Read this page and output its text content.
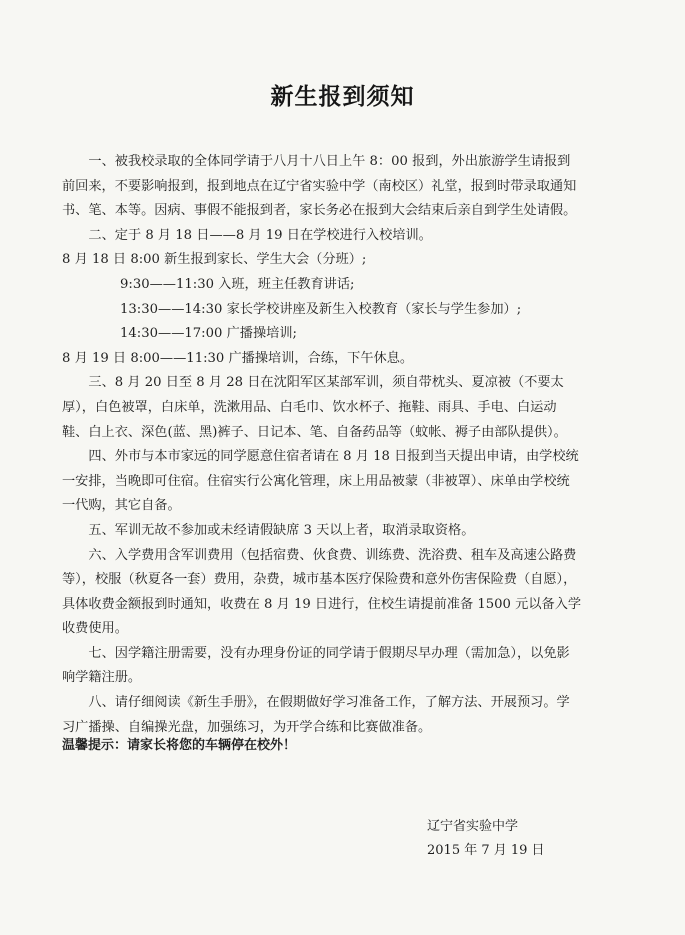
新生报到须知

一、被我校录取的全体同学请于八月十八日上午 8：00 报到，外出旅游学生请报到前回来，不要影响报到，报到地点在辽宁省实验中学（南校区）礼堂，报到时带录取通知书、笔、本等。因病、事假不能报到者，家长务必在报到大会结束后亲自到学生处请假。

二、定于 8 月 18 日——8 月 19 日在学校进行入校培训。

8 月 18 日 8:00 新生报到家长、学生大会（分班）;

9:30——11:30 入班，班主任教育讲话;

13:30——14:30 家长学校讲座及新生入校教育（家长与学生参加）;

14:30——17:00 广播操培训;

8 月 19 日 8:00——11:30 广播操培训，合练，下午休息。

三、8 月 20 日至 8 月 28 日在沈阳军区某部军训，须自带枕头、夏凉被（不要太厚），白色被罩，白床单，洗漱用品、白毛巾、饮水杯子、拖鞋、雨具、手电、白运动鞋、白上衣、深色(蓝、黑)裤子、日记本、笔、自备药品等（蚊帐、褥子由部队提供）。

四、外市与本市家远的同学愿意住宿者请在 8 月 18 日报到当天提出申请，由学校统一安排，当晚即可住宿。住宿实行公寓化管理，床上用品被蒙（非被罩）、床单由学校统一代购，其它自备。

五、军训无故不参加或未经请假缺席 3 天以上者，取消录取资格。

六、入学费用含军训费用（包括宿费、伙食费、训练费、洗浴费、租车及高速公路费等），校服（秋夏各一套）费用，杂费，城市基本医疗保险费和意外伤害保险费（自愿），具体收费金额报到时通知，收费在 8 月 19 日进行，住校生请提前准备 1500 元以备入学收费使用。

七、因学籍注册需要，没有办理身份证的同学请于假期尽早办理（需加急），以免影响学籍注册。

八、请仔细阅读《新生手册》，在假期做好学习准备工作，了解方法、开展预习。学习广播操、自编操光盘，加强练习，为开学合练和比赛做准备。

温馨提示：请家长将您的车辆停在校外！
辽宁省实验中学
2015 年 7 月 19 日
